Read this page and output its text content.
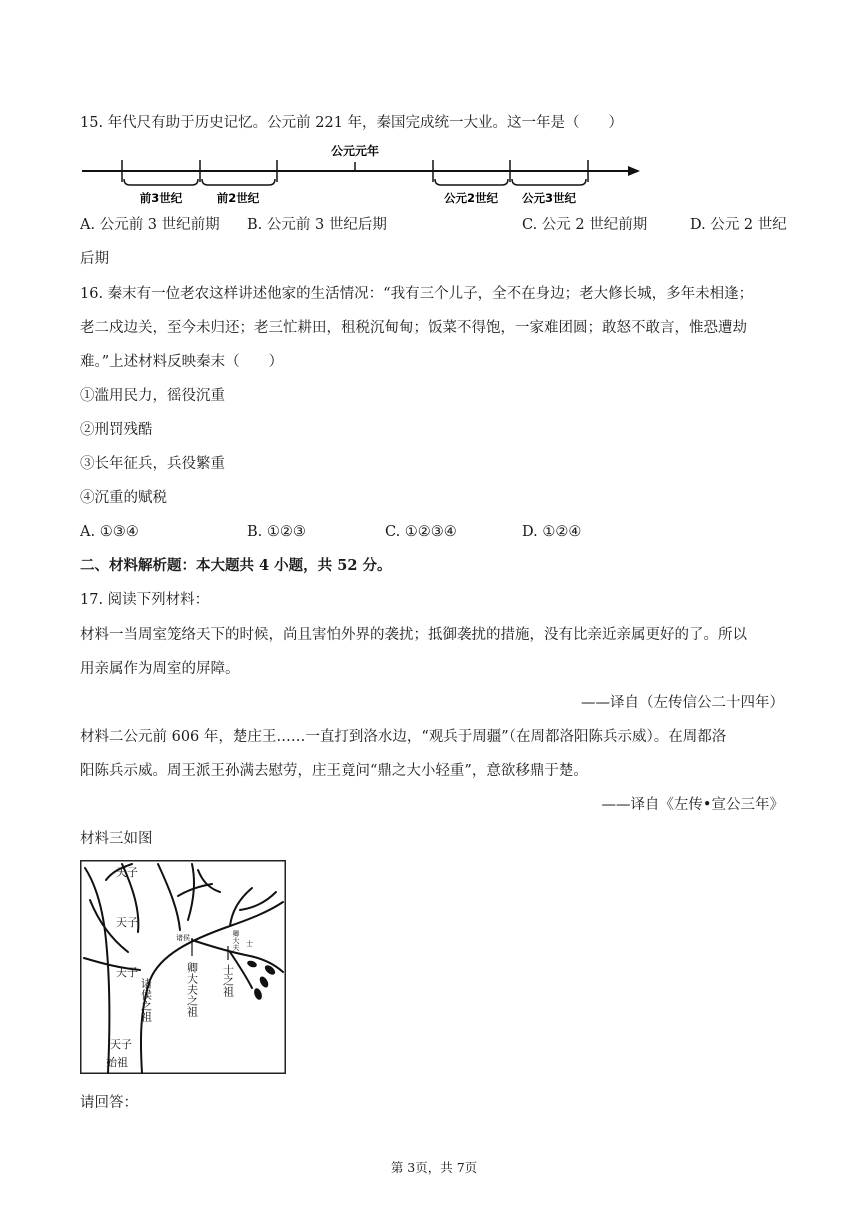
15. 年代尺有助于历史记忆。公元前 221 年，秦国完成统一大业。这一年是（　　）
公元元年
前3世纪	前2世纪	公元2世纪 公元3世纪
A. 公元前 3 世纪前期 B. 公元前 3 世纪后期	C. 公元 2 世纪前期	D. 公元 2 世纪
后期
16. 秦末有一位老农这样讲述他家的生活情况：“我有三个儿子，全不在身边；老大修长城，多年未相逢；
老二戍边关，至今未归还；老三忙耕田，租税沉甸甸；饭菜不得饱，一家难团圆；敢怒不敢言，惟恐遭劫
难。”上述材料反映秦末（　　）
①滥用民力，徭役沉重
②刑罚残酷
③长年征兵，兵役繁重
④沉重的赋税
A. ①③④	B. ①②③	C. ①②③④	D. ①②④
二、材料解析题：本大题共 4 小题，共 52 分。
17. 阅读下列材料：
材料一当周室笼络天下的时候，尚且害怕外界的袭扰；抵御袭扰的措施，没有比亲近亲属更好的了。所以
用亲属作为周室的屏障。
——译自（左传信公二十四年）
材料二公元前 606 年，楚庄王……一直打到洛水边，“观兵于周疆”（在周都洛阳陈兵示威）。在周都洛
阳陈兵示威。周王派王孙满去慰劳，庄王竟问“鼎之大小轻重”，意欲移鼎于楚。
——译自《左传•宣公三年》
材料三如图
天子
天子
天子
天子
始祖
诸侯之祖	卿大夫之祖 士之祖
诸侯	卿大夫 士
请回答：
第 3页，共 7页
